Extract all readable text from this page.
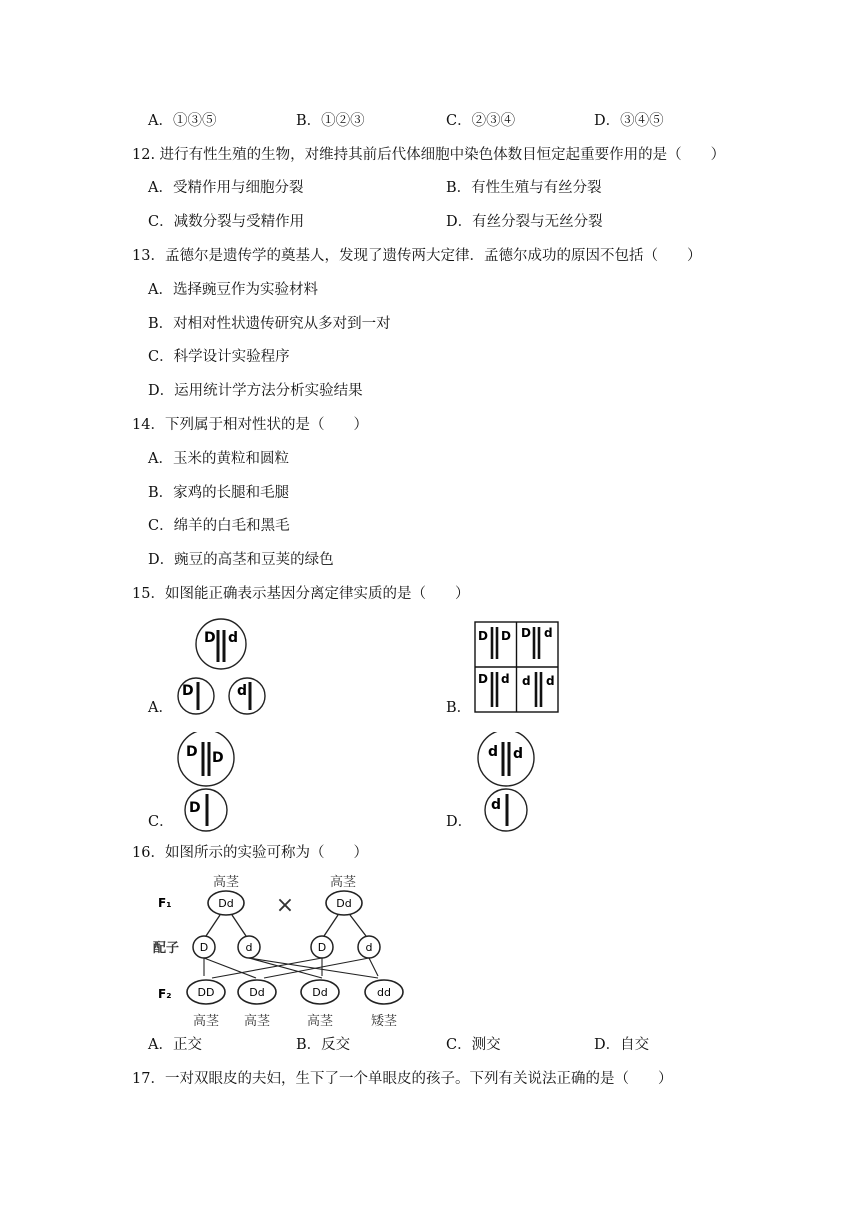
A．①③⑤	B．①②③	C．②③④	D．③④⑤
12. 进行有性生殖的生物，对维持其前后代体细胞中染色体数目恒定起重要作用的是（　　）
A．受精作用与细胞分裂	B．有性生殖与有丝分裂
C．减数分裂与受精作用	D．有丝分裂与无丝分裂
13．孟德尔是遗传学的奠基人，发现了遗传两大定律．孟德尔成功的原因不包括（　　）
A．选择豌豆作为实验材料
B．对相对性状遗传研究从多对到一对
C．科学设计实验程序
D．运用统计学方法分析实验结果
14．下列属于相对性状的是（　　）
A．玉米的黄粒和圆粒
B．家鸡的长腿和毛腿
C．绵羊的白毛和黑毛
D．豌豆的高茎和豆荚的绿色
15．如图能正确表示基因分离定律实质的是（　　）
A．	B．
C．	D．
D d
D	d
D D D d
D d d d
D D
D
d d
d
16．如图所示的实验可称为（　　）
F₁
配子
F₂
高茎	高茎
Dd	Dd
×
D	d	D	d
DD	Dd	Dd	dd
高茎 高茎	高茎	矮茎
A．正交	B．反交	C．测交	D．自交
17．一对双眼皮的夫妇，生下了一个单眼皮的孩子。下列有关说法正确的是（　　）
